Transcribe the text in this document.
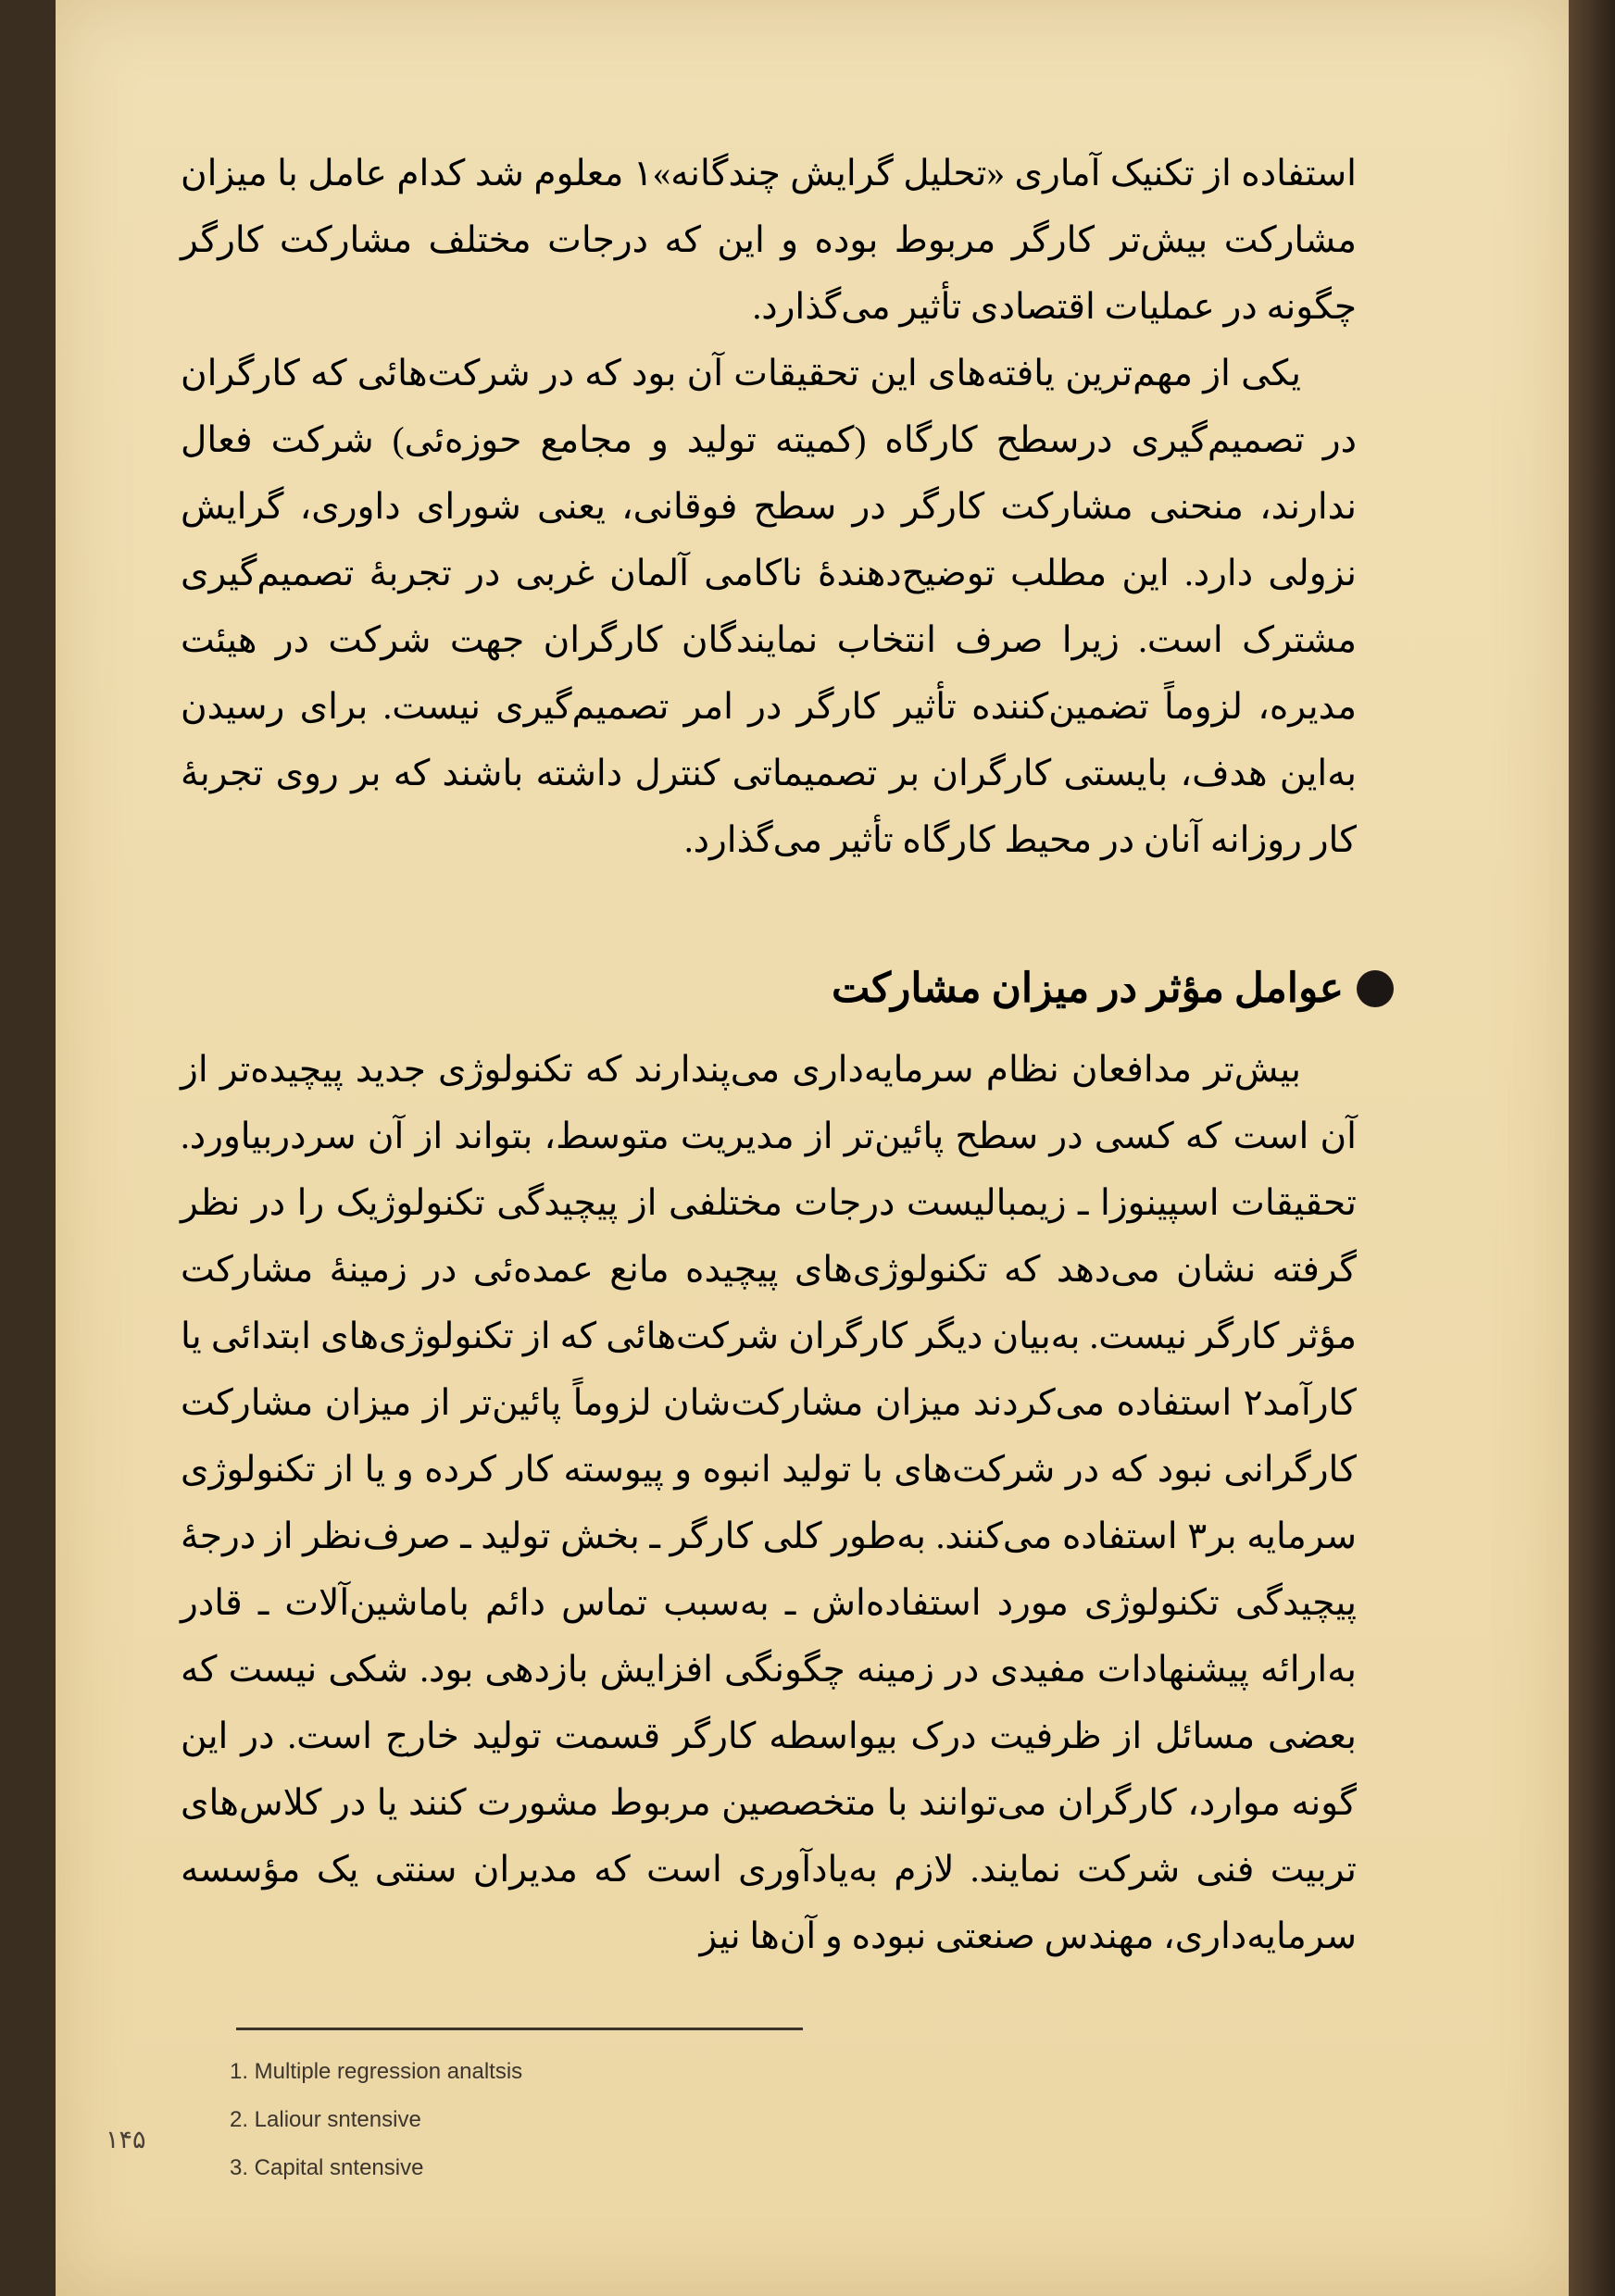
استفاده از تکنیک آماری «تحلیل گرایش چندگانه»۱ معلوم شد کدام عامل با میزان مشارکت بیش‌تر کارگر مربوط بوده و این که درجات مختلف مشارکت کارگر چگونه در عملیات اقتصادی تأثیر می‌گذارد.

یکی از مهم‌ترین یافته‌های این تحقیقات آن بود که در شرکت‌هائی که کارگران در تصمیم‌گیری درسطح کارگاه (کمیته تولید و مجامع حوزه‌ئی) شرکت فعال ندارند، منحنی مشارکت کارگر در سطح فوقانی، یعنی شورای داوری، گرایش نزولی دارد. این مطلب توضیح‌دهندهٔ ناکامی آلمان غربی در تجربهٔ تصمیم‌گیری مشترک است. زیرا صرف انتخاب نمایندگان کارگران جهت شرکت در هیئت مدیره، لزوماً تضمین‌کننده تأثیر کارگر در امر تصمیم‌گیری نیست. برای رسیدن به‌این هدف، بایستی کارگران بر تصمیماتی کنترل داشته باشند که بر روی تجربهٔ کار روزانه آنان در محیط کارگاه تأثیر می‌گذارد.

عوامل مؤثر در میزان مشارکت

بیش‌تر مدافعان نظام سرمایه‌داری می‌پندارند که تکنولوژی جدید پیچیده‌تر از آن است که کسی در سطح پائین‌تر از مدیریت متوسط، بتواند از آن سردربیاورد. تحقیقات اسپینوزا ـ زیمبالیست درجات مختلفی از پیچیدگی تکنولوژیک را در نظر گرفته نشان می‌دهد که تکنولوژی‌های پیچیده مانع عمده‌ئی در زمینهٔ مشارکت مؤثر کارگر نیست. به‌بیان دیگر کارگران شرکت‌هائی که از تکنولوژی‌های ابتدائی یا کارآمد۲ استفاده می‌کردند میزان مشارکت‌شان لزوماً پائین‌تر از میزان مشارکت کارگرانی نبود که در شرکت‌های با تولید انبوه و پیوسته کار کرده و یا از تکنولوژی سرمایه بر۳ استفاده می‌کنند. به‌طور کلی کارگر ـ بخش تولید ـ صرف‌نظر از درجهٔ پیچیدگی تکنولوژی مورد استفاده‌اش ـ به‌سبب تماس دائم باماشین‌آلات ـ قادر به‌ارائه پیشنهادات مفیدی در زمینه چگونگی افزایش بازدهی بود. شکی نیست که بعضی مسائل از ظرفیت درک بیواسطه کارگر قسمت تولید خارج است. در این گونه موارد، کارگران می‌توانند با متخصصین مربوط مشورت کنند یا در کلاس‌های تربیت فنی شرکت نمایند. لازم به‌یادآوری است که مدیران سنتی یک مؤسسه سرمایه‌داری، مهندس صنعتی نبوده و آن‌ها نیز

1. Multiple regression analtsis
2. Laliour sntensive
3. Capital sntensive
۱۴۵
